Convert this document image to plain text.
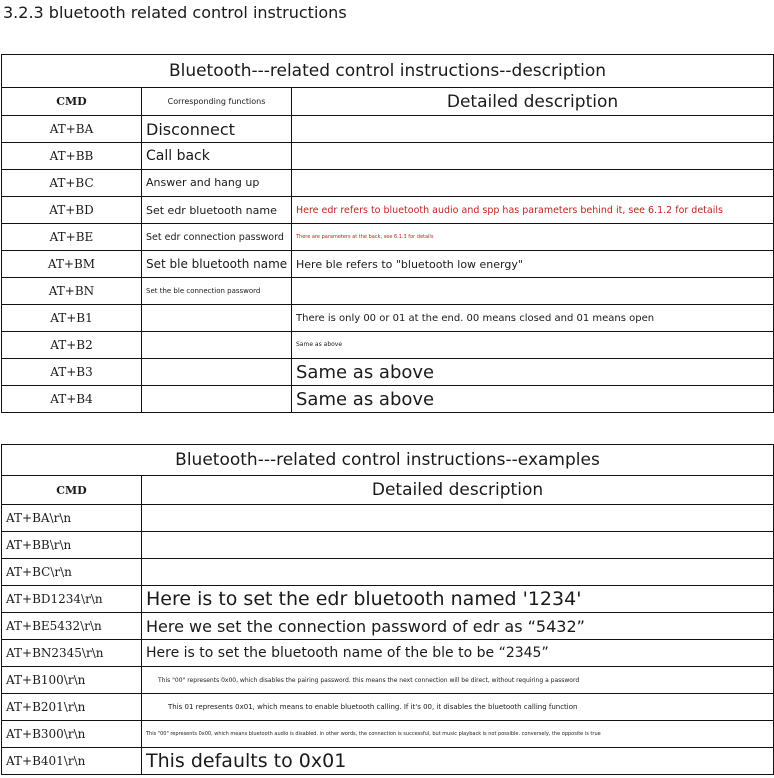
3.2.3 bluetooth related control instructions
Bluetooth---related control instructions--description		
CMD	Corresponding functions	Detailed description
AT+BA	Disconnect	
AT+BB	Call back	
AT+BC	Answer and hang up	
AT+BD	Set edr bluetooth name	Here edr refers to bluetooth audio and spp has parameters behind it, see 6.1.2 for details
AT+BE	Set edr connection password	There are parameters at the back, see 6.1.3 for details
AT+BM	Set ble bluetooth name	Here ble refers to "bluetooth low energy"
AT+BN	Set the ble connection password	
AT+B1		There is only 00 or 01 at the end. 00 means closed and 01 means open
AT+B2		Same as above
AT+B3		Same as above
AT+B4		Same as above
Bluetooth---related control instructions--examples	
CMD	Detailed description
AT+BA\r\n	
AT+BB\r\n	
AT+BC\r\n	
AT+BD1234\r\n	Here is to set the edr bluetooth named '1234'
AT+BE5432\r\n	Here we set the connection password of edr as “5432”
AT+BN2345\r\n	Here is to set the bluetooth name of the ble to be “2345”
AT+B100\r\n	This "00" represents 0x00, which disables the pairing password. this means the next connection will be direct, without requiring a password
AT+B201\r\n	This 01 represents 0x01, which means to enable bluetooth calling. If it's 00, it disables the bluetooth calling function
AT+B300\r\n	This "00" represents 0x00, which means bluetooth audio is disabled. in other words, the connection is successful, but music playback is not possible. conversely, the opposite is true
AT+B401\r\n	This defaults to 0x01
